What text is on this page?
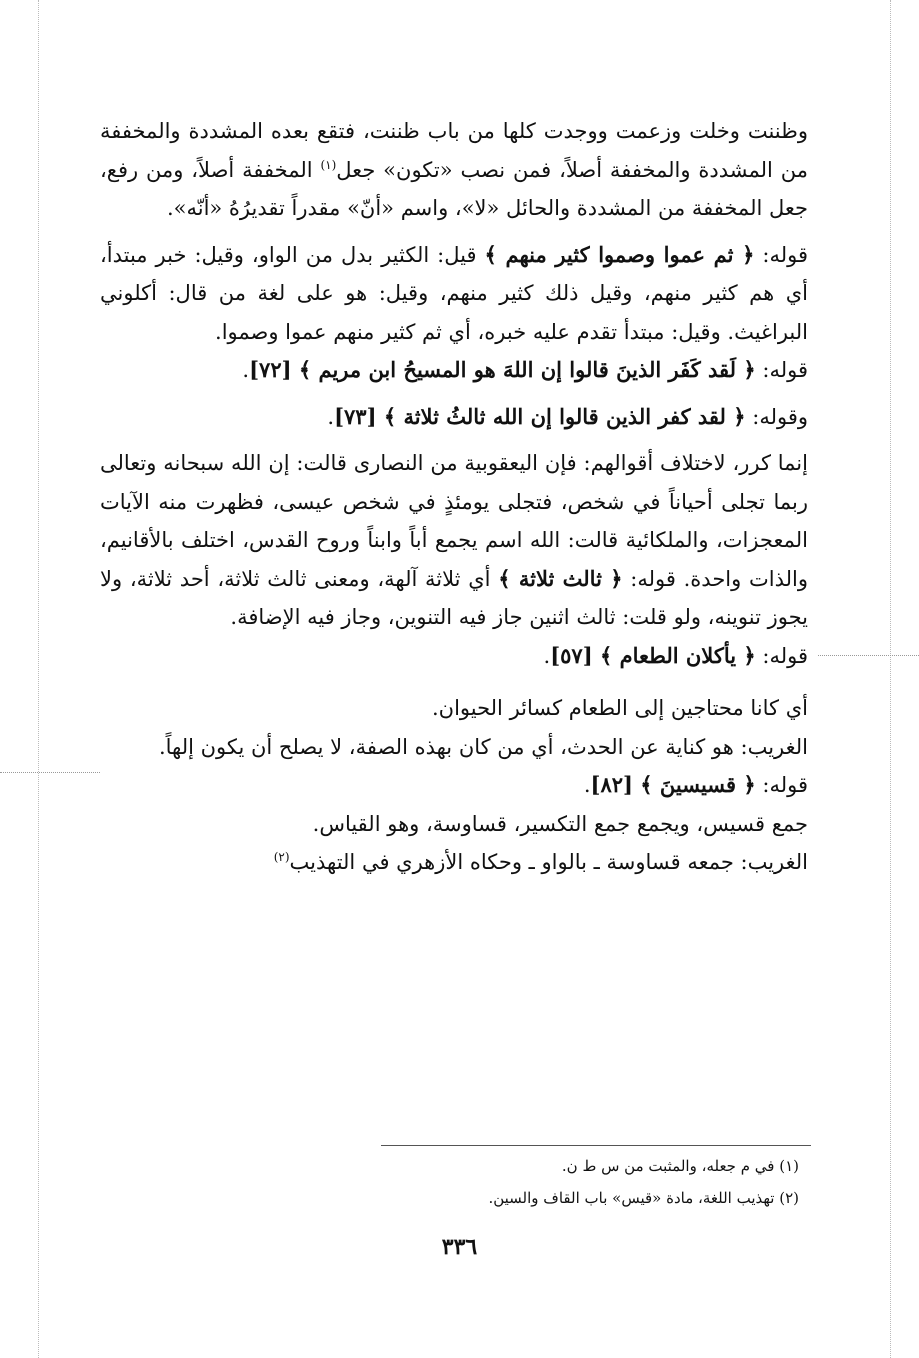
وظننت وخلت وزعمت ووجدت كلها من باب ظننت، فتقع بعده المشددة والمخففة من المشددة والمخففة أصلاً، فمن نصب «تكون» جعل$^{(١)}$ المخففة أصلاً، ومن رفع، جعل المخففة من المشددة والحائل «لا»، واسم «أنّ» مقدراً تقديرُهُ «أنّه».

قوله: ﴿ ثم عموا وصموا كثير منهم ﴾ قيل: الكثير بدل من الواو، وقيل: خبر مبتدأ، أي هم كثير منهم، وقيل ذلك كثير منهم، وقيل: هو على لغة من قال: أكلوني البراغيث. وقيل: مبتدأ تقدم عليه خبره، أي ثم كثير منهم عموا وصموا.

قوله: ﴿ لَقد كَفَر الذينَ قالوا إن اللهَ هو المسيحُ ابن مريم ﴾ [٧٢].

وقوله: ﴿ لقد كفر الذين قالوا إن الله ثالثُ ثلاثة ﴾ [٧٣].

إنما كرر، لاختلاف أقوالهم: فإن اليعقوبية من النصارى قالت: إن الله سبحانه وتعالى ربما تجلى أحياناً في شخص، فتجلى يومئذٍ في شخص عيسى، فظهرت منه الآيات المعجزات، والملكائية قالت: الله اسم يجمع أباً وابناً وروح القدس، اختلف بالأقانيم، والذات واحدة. قوله: ﴿ ثالث ثلاثة ﴾ أي ثلاثة آلهة، ومعنى ثالث ثلاثة، أحد ثلاثة، ولا يجوز تنوينه، ولو قلت: ثالث اثنين جاز فيه التنوين، وجاز فيه الإضافة.

قوله: ﴿ يأكلان الطعام ﴾ [٥٧].

أي كانا محتاجين إلى الطعام كسائر الحيوان.

الغريب: هو كناية عن الحدث، أي من كان بهذه الصفة، لا يصلح أن يكون إلهاً.

قوله: ﴿ قسيسينَ ﴾ [٨٢].

جمع قسيس، ويجمع جمع التكسير، قساوسة، وهو القياس.

الغريب: جمعه قساوسة ـ بالواو ـ وحكاه الأزهري في التهذيب$^{(٢)}$

(١) في م جعله، والمثبت من س ط ن.
(٢) تهذيب اللغة، مادة «قيس» باب القاف والسين.
٣٣٦
